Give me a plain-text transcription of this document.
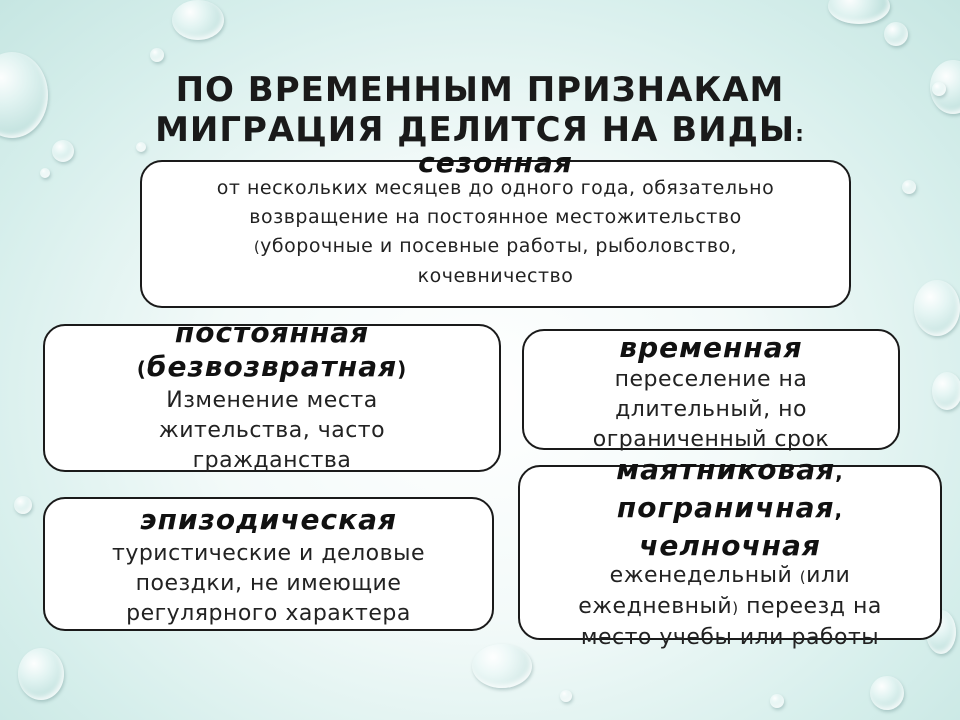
ПО ВРЕМЕННЫМ ПРИЗНАКАМ
МИГРАЦИЯ ДЕЛИТСЯ НА ВИДЫ:
сезонная
от нескольких месяцев до одного года, обязательно
возвращение на постоянное местожительство
(уборочные и посевные работы, рыболовство,
кочевничество
постоянная
(безвозвратная)
Изменение места
жительства, часто
гражданства
временная
переселение на
длительный, но
ограниченный срок
эпизодическая
туристические и деловые
поездки, не имеющие
регулярного характера
маятниковая,
пограничная,
челночная
еженедельный (или
ежедневный) переезд на
место учебы или работы
